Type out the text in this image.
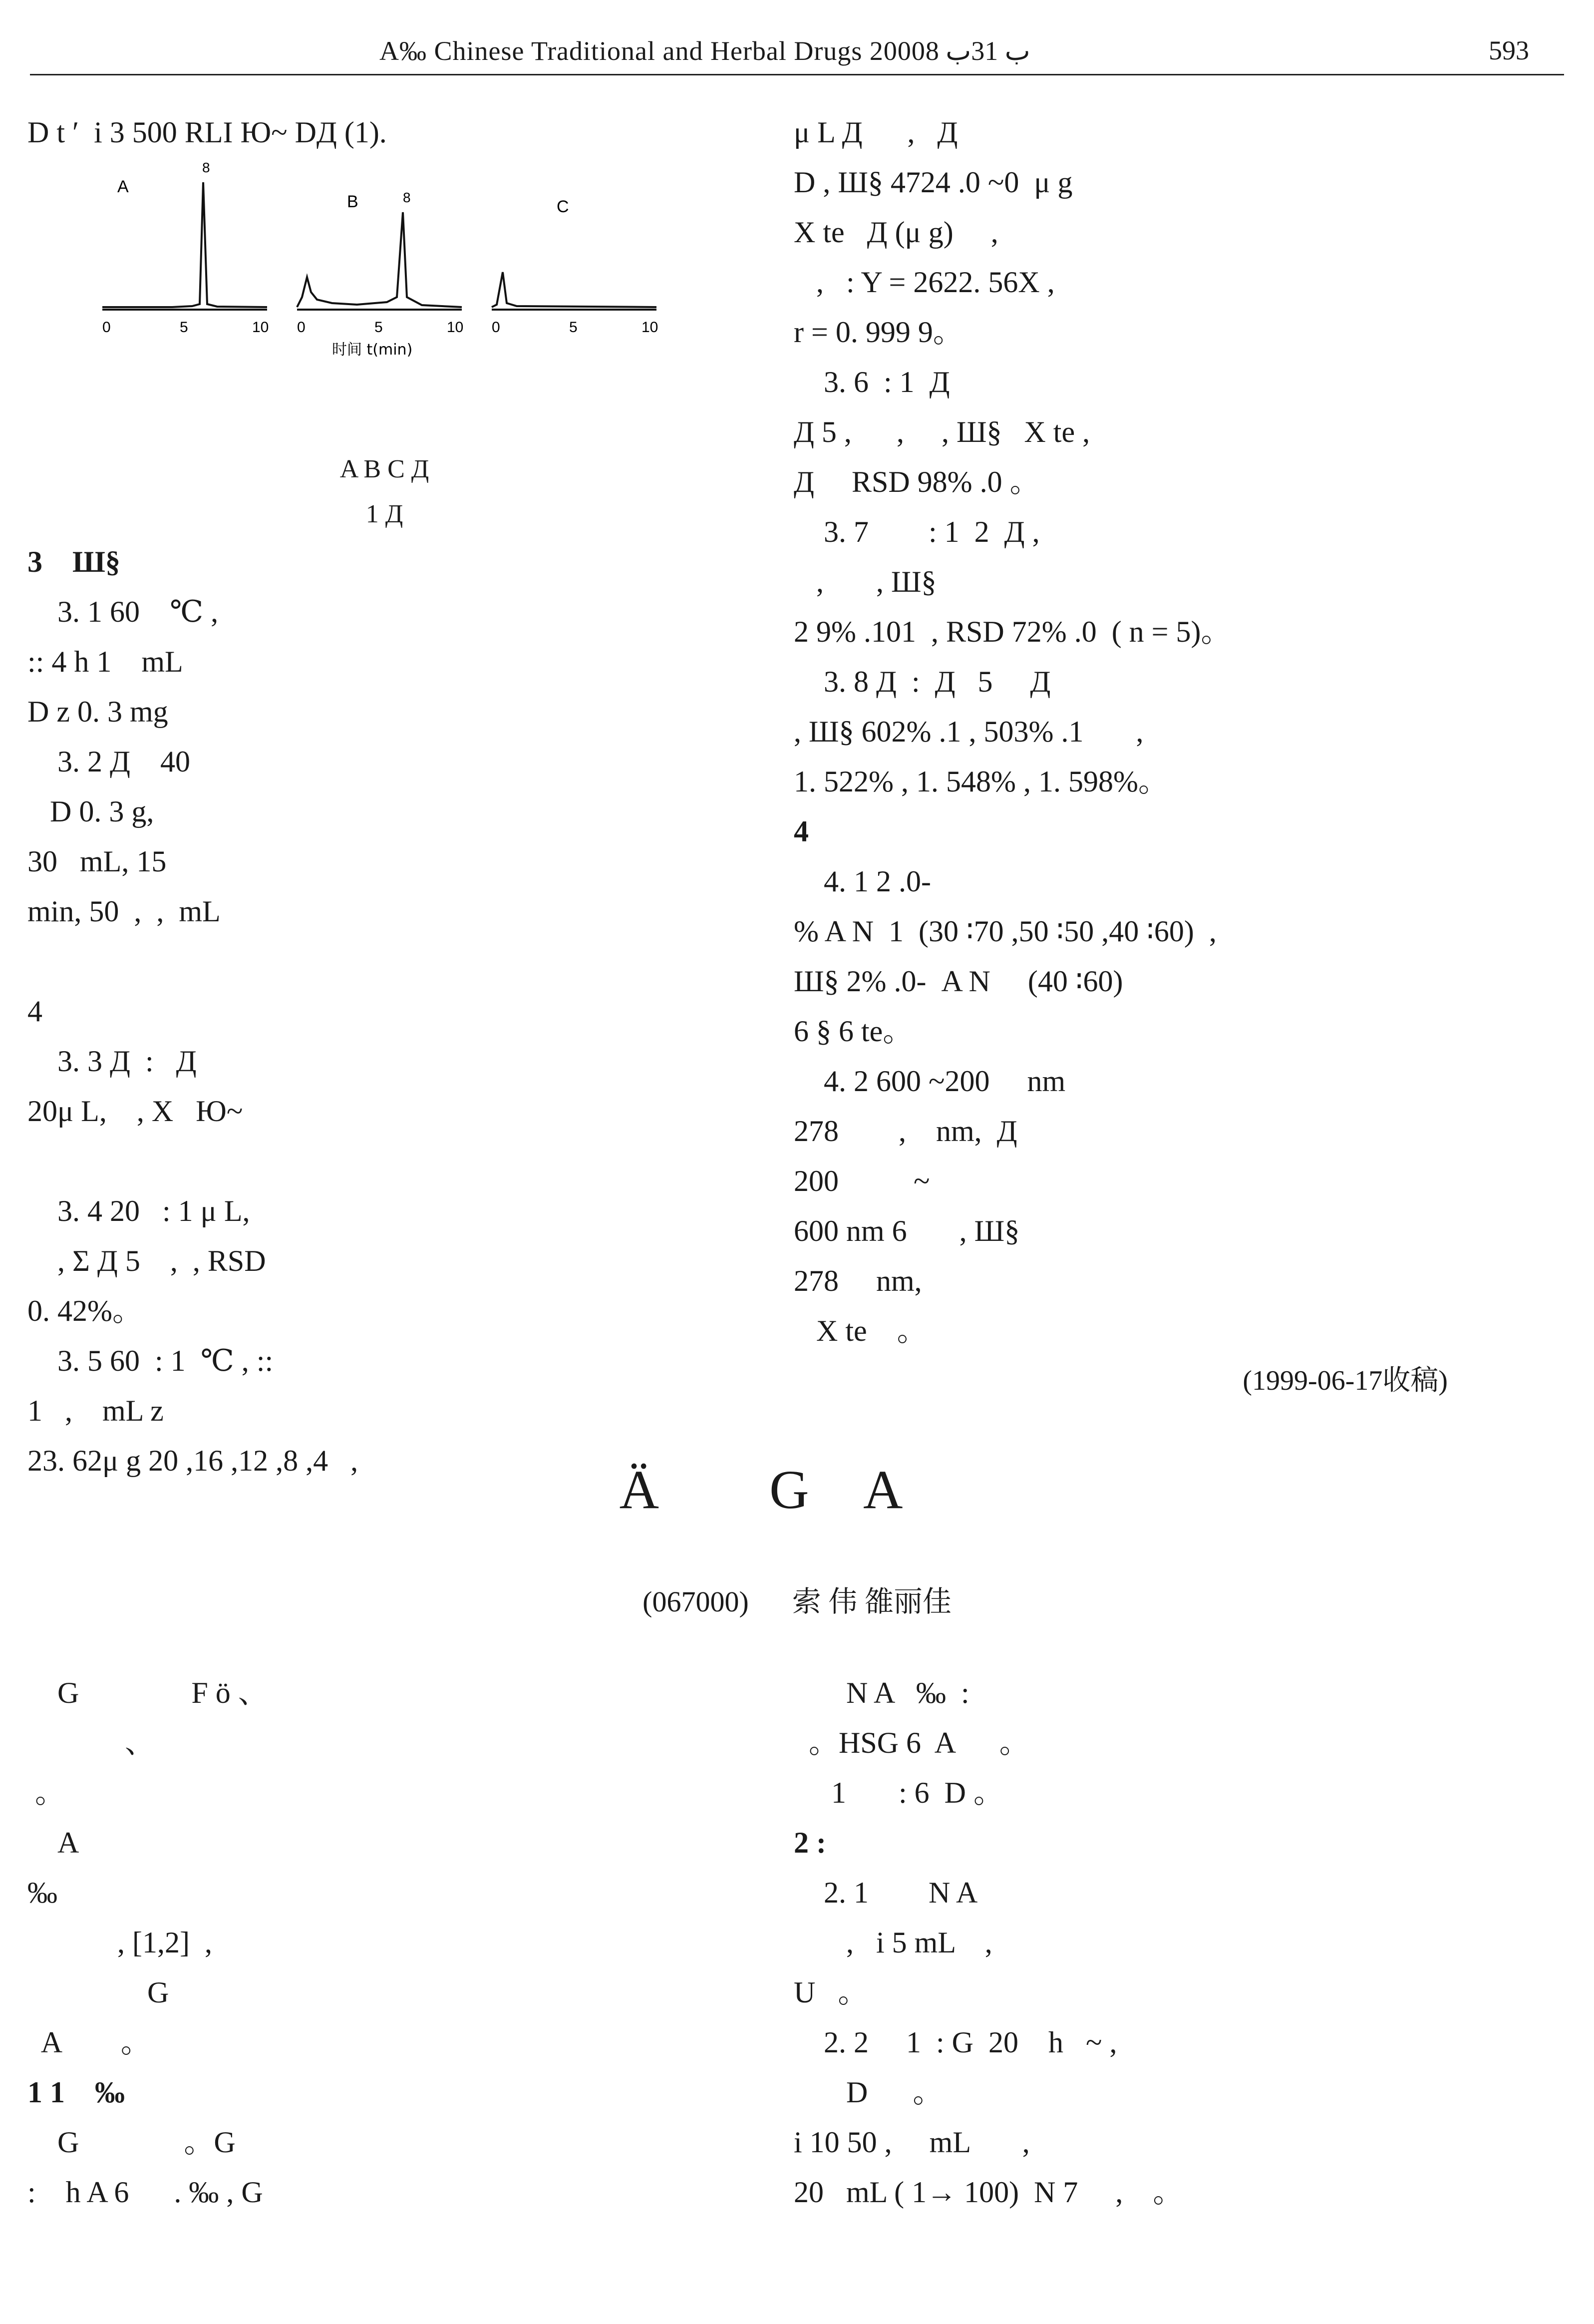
A‰ Chinese Traditional and Herbal Drugs 2000ب 31ب 8	593
D t ′ i 3 500 ‏RLI Ю~ DД (1).
A
8
0	5	10
B	8
0	5	10
C
0	5	10
时间 t(min)
A B C Д
1 Д
3 ‏ ‏ ‏ Ш§
3. 1 ‏ ‏ ‏ ‏ 60℃ ,
:: 4 h ‏ ‏ ‏ 1 mL
D z 0. 3 mg
3. 2 Д ‏ ‏ 40 ‏ ‏ ‏
‏ ‏ ‏ D 0. 3 g, ‏ ‏ ‏
‏ ‏ 30 mL, ‏ ‏ 15
min, ‏ , ‏ , ‏ 50 mL ‏ ‏ ‏
‏ ‏ ‏ ‏ ‏ ‏ ‏ ‏ ‏ ‏
4 ‏ ‏ ‏ ‏ ‏
3. 3 Д ‏ ‏ : ‏ Д ‏ ‏
20μ L, ‏ ‏ ‏ ‏, X ‏ ‏ Ю~
‏ ‏ ‏ ‏ ‏ ‏
3. 4 ‏ 1 ‏: ‏ ‏ 20μ L,
‏ ‏ ‏ ‏ , Σ Д 5 ‏ , ‏ ‏ ‏ , RSD
0. 42%。
3. 5 ‏ ‏ 1 ‏: ‏ 60℃ , ::
‏ ‏ ‏ , ‏ ‏ 1 mL z
23. 62μ g ‏ ‏ , ‏ ‏ 4, 8, 12, 16, 20
μ L Д ‏ ‏ , ‏ ‏ ‏ ‏ ‏ Д ‏ ‏ ‏ ‏ ‏
D , Ш§ ‏ ‏ 0~ 0. 4724μ g ‏ ‏ ‏
X te ‏ ‏ Д (μ g) ‏ ‏ ‏ ‏ , ‏ ‏ ‏ ‏
‏ ‏ , ‏ ‏ ‏ : Y = 2622. 56X , ‏ ‏ ‏
r = 0. 999 9。
3. 6 ‏ 1 ‏: ‏ Д ‏ ‏ ‏ ‏ ‏ ‏ ‏ ‏
Д 5 , ‏ ‏ ‏ ‏ , ‏ ‏ ‏ ‏ ‏ , Ш§ ‏ ‏ X te ,
Д ‏ ‏ ‏ ‏ RSD ‏ 0. 98%。
3. 7 ‏ 2 ‏ 1 ‏: ‏ ‏ ‏ ‏ ‏ ‏ ‏ Д ,
‏ ‏ ‏ ‏ ‏ ‏ , ‏ ‏ ‏ , Ш§ ‏ ‏ ‏
2 ‏ 101. 9% , RSD ‏ 0. 72% ( n = 5)。
3. 8 Д ‏ ‏: ‏ Д ‏ ‏ ‏ ‏ 5 ‏ ‏ Д
, Ш§ ‏ ‏ ‏ ‏ ‏ ‏ 1. 503% , 1. 602% ,
1. 522% , 1. 548% , 1. 598%。
4
4. 1 ‏ ‏ ‏ ‏ ‏ ‏ ‏ ‏ ‏ ‏ ‏ ‏ -0. 2
% A N ‏ (60∶ 40, 50∶ 50, 70∶ 30) ‏ 1 ‏ ,
Ш§ ‏ -0. 2% A N ‏ (60∶ 40) ‏ ‏ ‏ ‏
6 § 6 te。
4. 2 ‏ ‏ ‏ ‏ 200~ 600 nm ‏ ‏
, 278 nm, Д
‏ ‏ ‏ ‏ ‏ ‏ ‏ ‏ ‏ ‏ 200~
600 nm ‏ ‏ ‏ ‏ ‏ ‏ 6 , Ш§ ‏ ‏ ‏ ‏ ‏
‏ ‏ ‏ ‏ 278 nm, ‏ ‏ ‏ ‏ ‏ ‏
‏ ‏ ‏ X te ‏ ‏ ‏ ‏。
(1999-06-17收稿)
Ä ‏ ‏ ‏ ‏ ‏ G ‏ ‏ A ‏ ‏ ‏ ‏
‏ ‏ ‏ ‏ ‏ (067000) 索 伟 雒丽佳
G ‏ ‏ ‏ ‏ ‏ ‏ ‏ ‏ ‏ ‏ ‏ ‏ ‏ ‏ F ö 、
‏ 、 ‏ ‏ ‏ ‏ ‏ ‏ ‏ ‏ ‏ ‏ ‏ ‏ ‏
。
A ‏ ‏ ‏ ‏ ‏ ‏ ‏ ‏ ‏ ‏ ‏ ‏ ‏ ‏ ‏
‰ ‏ ‏ ‏ ‏ ‏ ‏ ‏ ‏ ‏ ‏ ‏ ‏ ‏ ‏
‏ [1,2] , ‏ ‏ ‏ ‏ ‏ ‏ ‏ ‏ ‏ ‏ ‏ ‏ ,
‏ ‏ ‏ ‏ ‏ ‏ ‏ ‏ ‏ ‏ ‏ ‏ ‏ ‏ ‏ ‏ G
‏ ‏ A ‏ ‏ ‏ ‏ ‏ ‏ ‏ 。
1 ‏ ‏ ‏ 1 ‰
G ‏ ‏ ‏ ‏ ‏ ‏ ‏ ‏ ‏ ‏ ‏ ‏ ‏ 。G ‏ ‏ ‏
: ‏ ‏ ‏ h A ‏ ‏ ‏ ‏ ‏ ‏ 6. ‰ , G ‏ ‏
‏ ‏ ‏ ‏ ‏ ‏ ‏ N A ‏ ‏ ‏ : ‏ ‰ ‏ ‏
‏。HSG 6 A ‏。
6 : 1 D ‏。
2 : ‏ ‏ ‏
2. 1 ‏ ‏ ‏ ‏ ‏ ‏ ‏ N A ‏ ‏ ‏
‏ ‏ , ‏ ‏ ‏ ‏ ‏ ‏ ‏ i 5 mL ‏ ‏ ‏ ,
U ‏ ‏ ‏。
2. 2 ‏ 1 ‏ ‏ ‏ ‏ : G ‏ ‏ ‏ 20 ‏ h ‏ ‏ ~ ,
‏ ‏ ‏ ‏ ‏ ‏ ‏ D ‏ ‏ ‏ ‏ ‏。 ‏ ‏ ‏ ‏ ‏
i 10 ‏ ‏ ‏ ‏ , 50 mL ‏ ‏ ‏ ‏ ‏ ‏ ,
20 mL ( 1→ 100) N , 7 。
